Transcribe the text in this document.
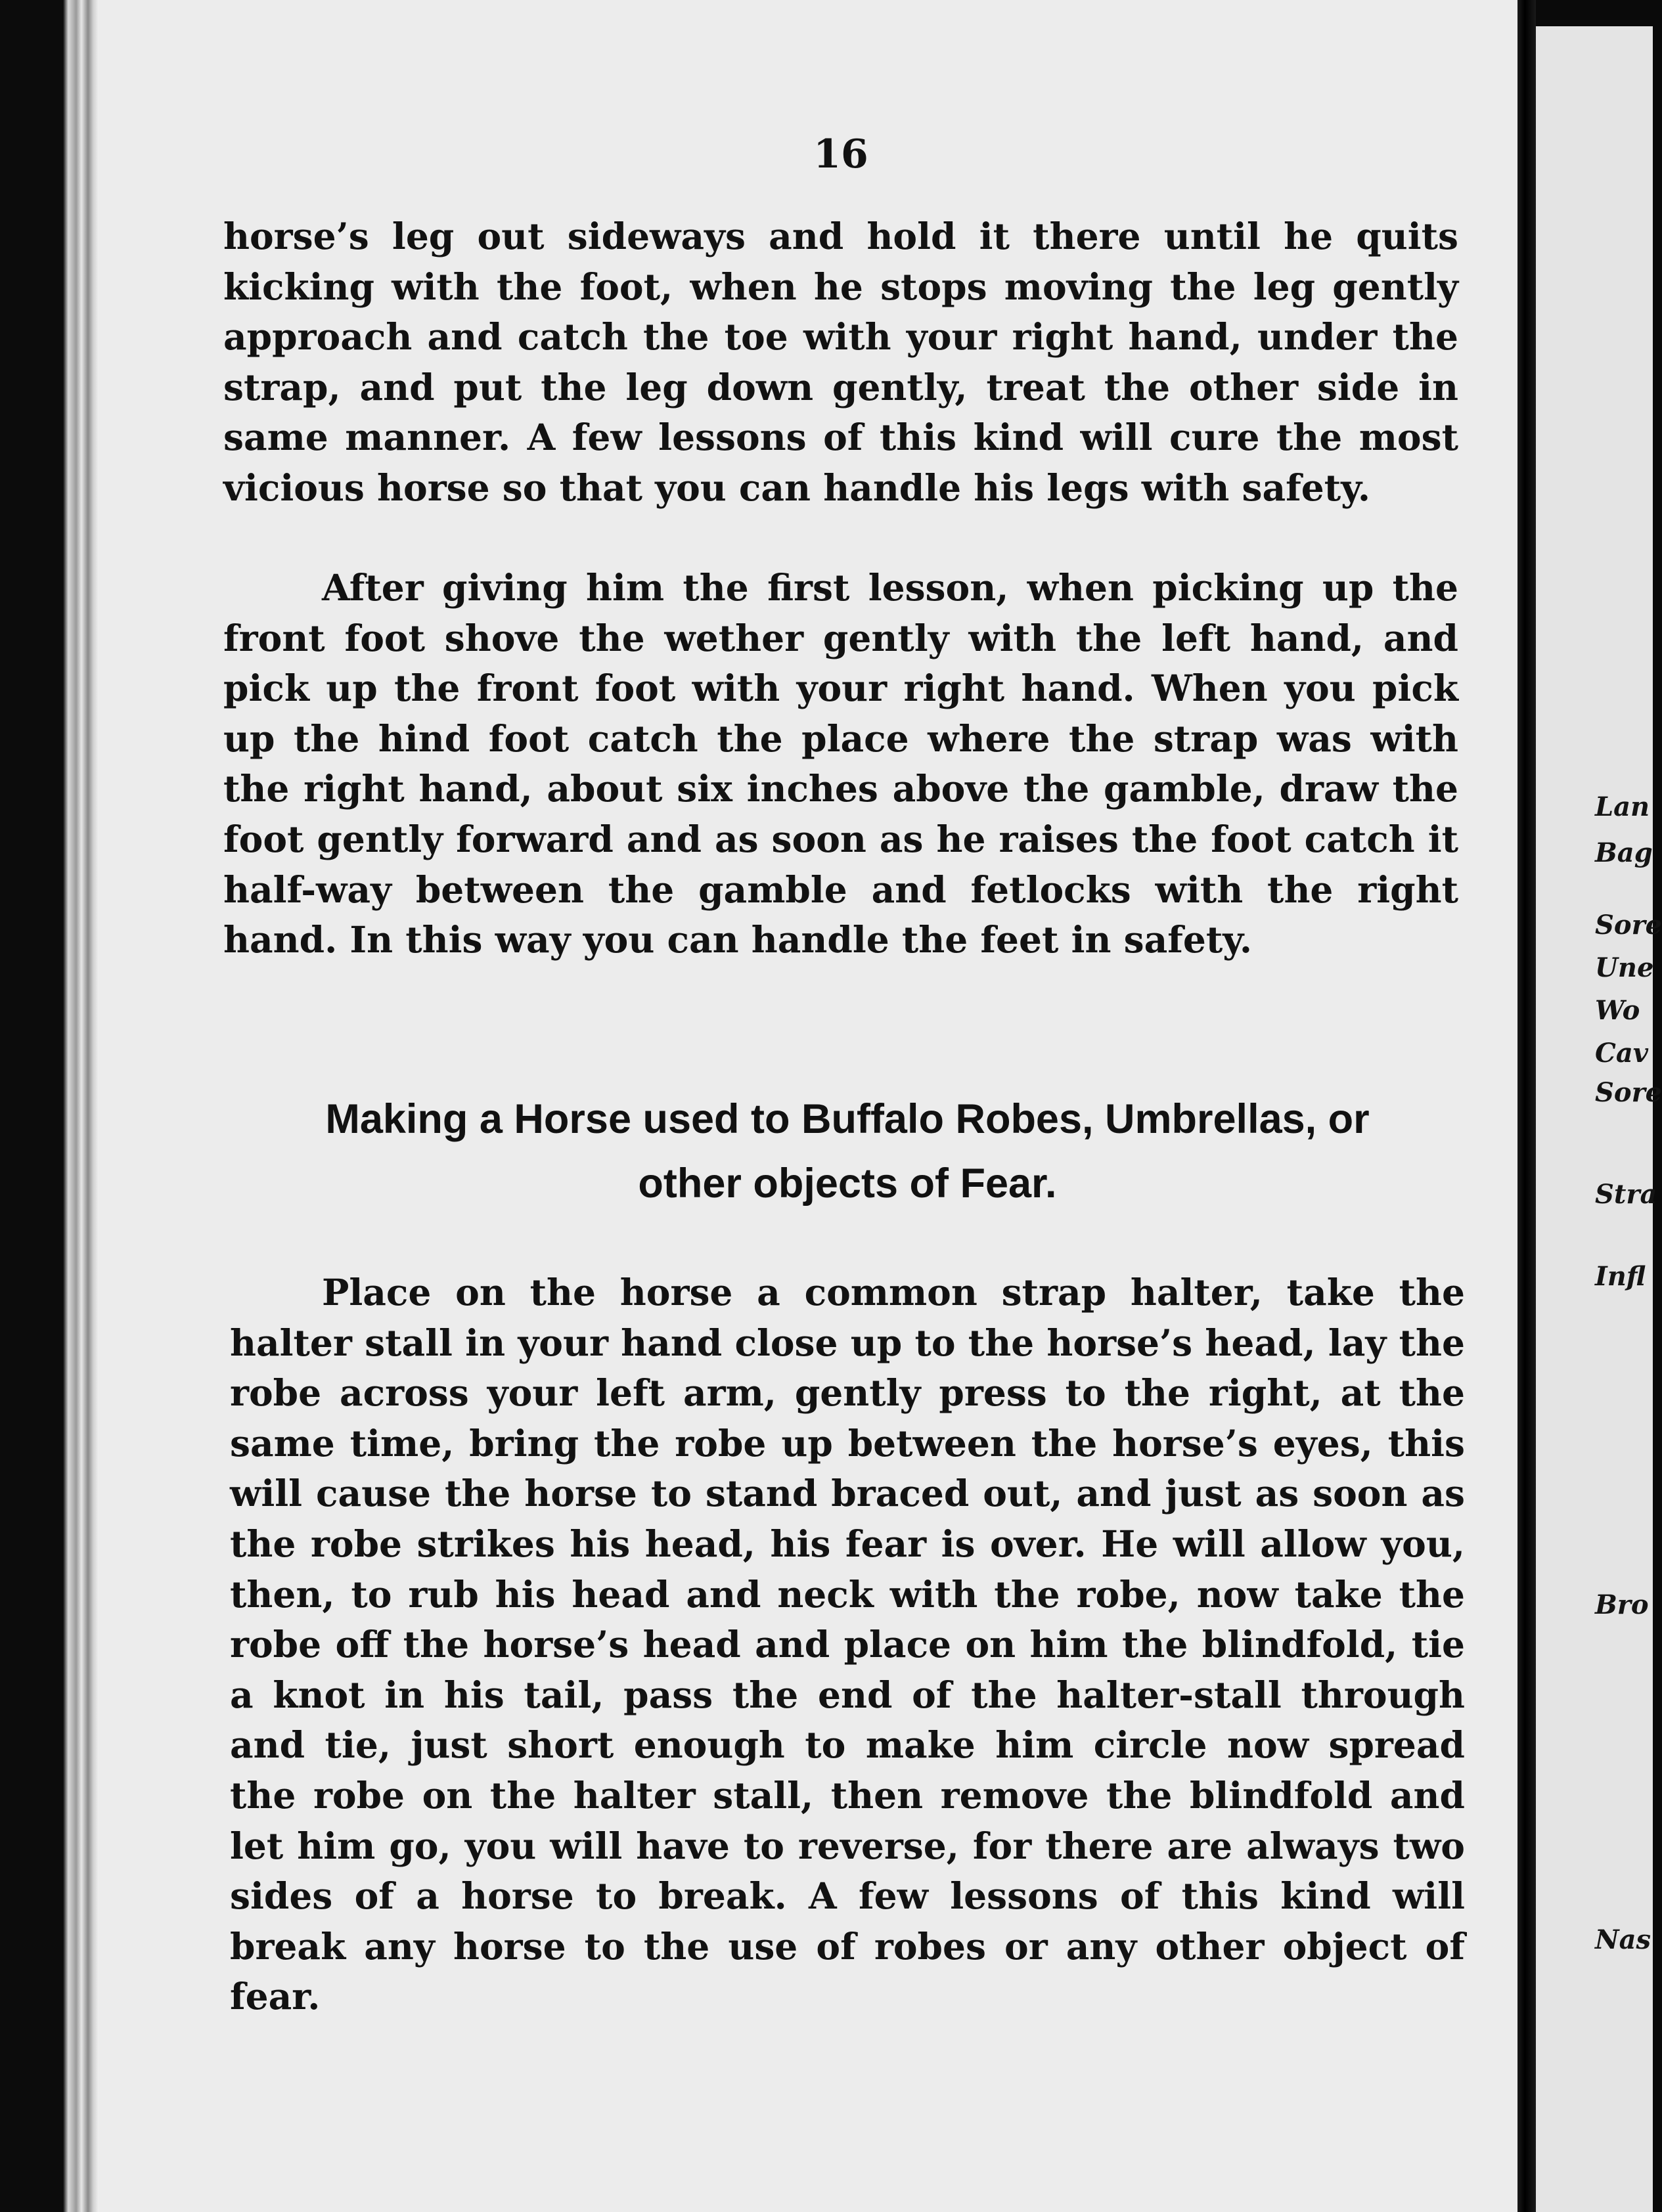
16

horse’s leg out sideways and hold it there until he quits kicking with the foot, when he stops moving the leg gently approach and catch the toe with your right hand, under the strap, and put the leg down gently, treat the other side in same manner. A few lessons of this kind will cure the most vicious horse so that you can handle his legs with safety.

After giving him the first lesson, when picking up the front foot shove the wether gently with the left hand, and pick up the front foot with your right hand. When you pick up the hind foot catch the place where the strap was with the right hand, about six inches above the gamble, draw the foot gently forward and as soon as he raises the foot catch it half-way between the gamble and fetlocks with the right hand. In this way you can handle the feet in safety.

Making a Horse used to Buffalo Robes, Umbrellas, or
other objects of Fear.

Place on the horse a common strap halter, take the halter stall in your hand close up to the horse’s head, lay the robe across your left arm, gently press to the right, at the same time, bring the robe up between the horse’s eyes, this will cause the horse to stand braced out, and just as soon as the robe strikes his head, his fear is over. He will allow you, then, to rub his head and neck with the robe, now take the robe off the horse’s head and place on him the blindfold, tie a knot in his tail, pass the end of the halter-stall through and tie, just short enough to make him circle now spread the robe on the halter stall, then remove the blindfold and let him go, you will have to reverse, for there are always two sides of a horse to break. A few lessons of this kind will break any horse to the use of robes or any other object of fear.

Lan
Bag
Sore
Une
Wo
Cav
Sore
Stra
Infl
Bro
Nas
